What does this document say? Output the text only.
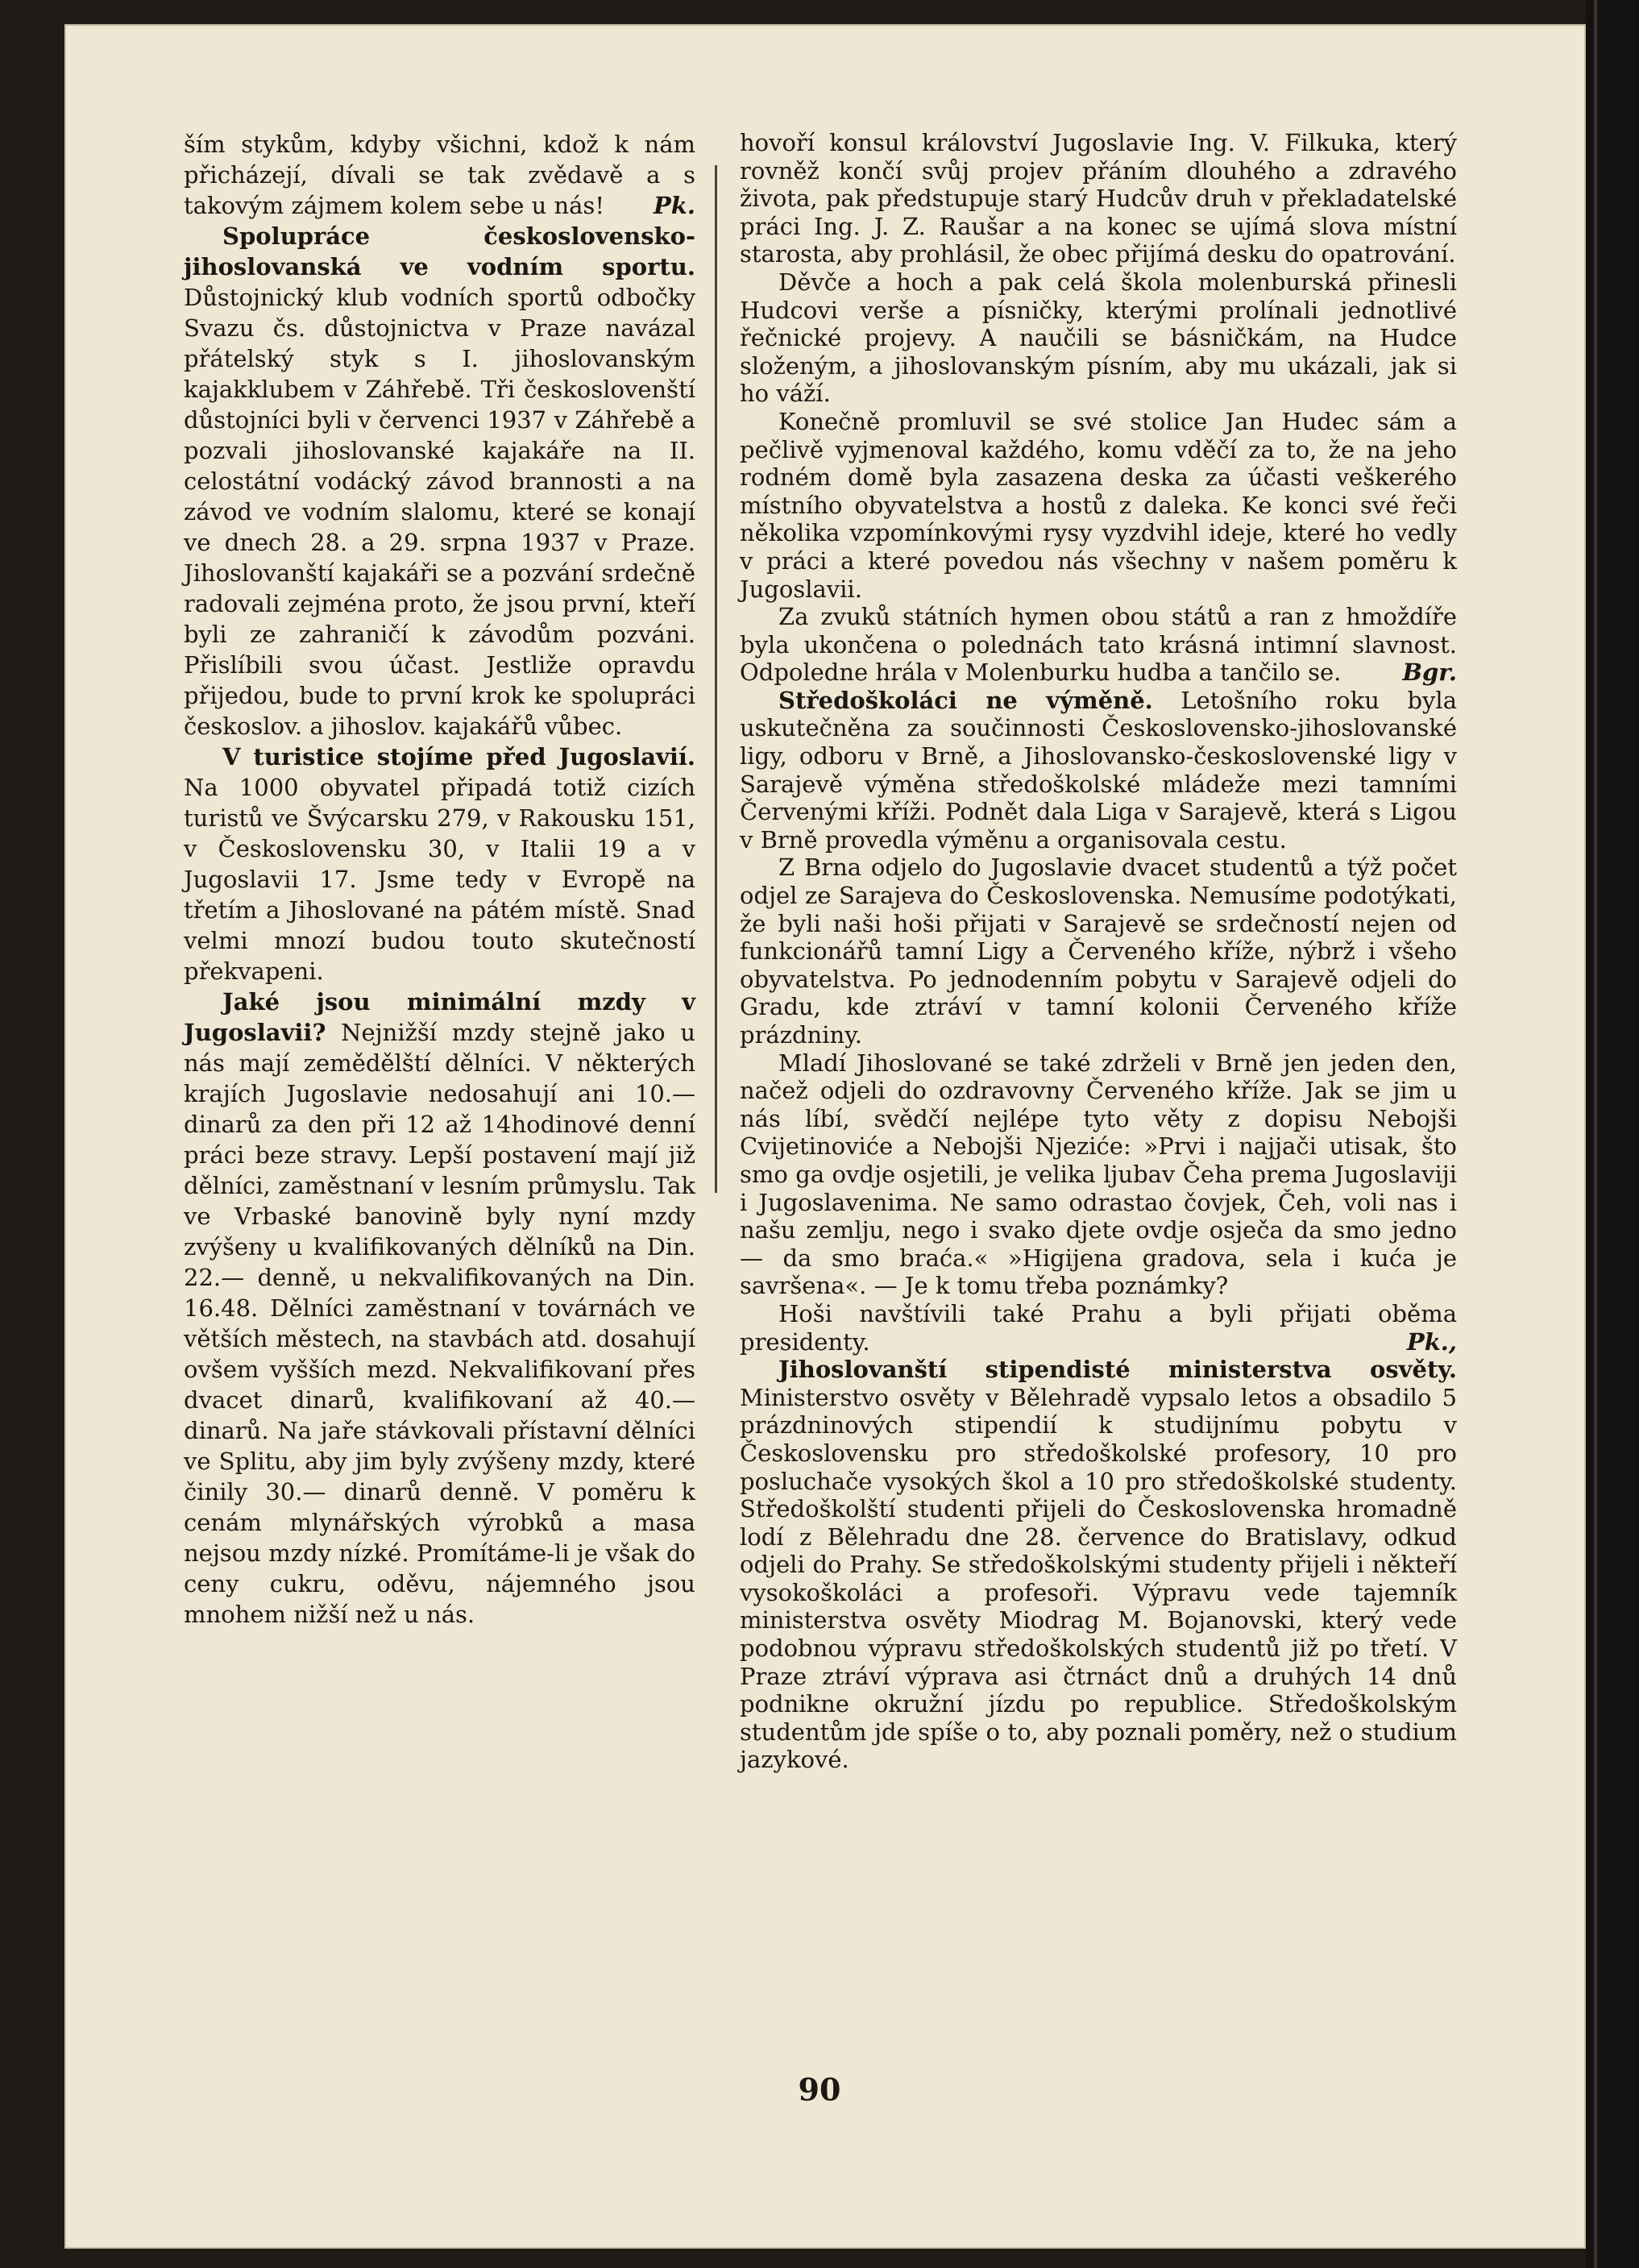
ším stykům, kdyby všichni, kdož k nám přicházejí, dívali se tak zvědavě a s takovým zájmem kolem sebe u nás! Pk.

Spolupráce československo-jihoslovanská ve vodním sportu. Důstojnický klub vodních sportů odbočky Svazu čs. důstojnictva v Praze navázal přátelský styk s I. jihoslovanským kajakklubem v Záhřebě. Tři českoslovenští důstojníci byli v červenci 1937 v Záhřebě a pozvali jihoslovanské kajakáře na II. celostátní vodácký závod brannosti a na závod ve vodním slalomu, které se konají ve dnech 28. a 29. srpna 1937 v Praze. Jihoslovanští kajakáři se a pozvání srdečně radovali zejména proto, že jsou první, kteří byli ze zahraničí k závodům pozváni. Přislíbili svou účast. Jestliže opravdu přijedou, bude to první krok ke spolupráci českoslov. a jihoslov. kajakářů vůbec.

V turistice stojíme před Jugoslavií. Na 1000 obyvatel připadá totiž cizích turistů ve Švýcarsku 279, v Rakousku 151, v Československu 30, v Italii 19 a v Jugoslavii 17. Jsme tedy v Evropě na třetím a Jihoslované na pátém místě. Snad velmi mnozí budou touto skutečností překvapeni.

Jaké jsou minimální mzdy v Jugoslavii? Nejnižší mzdy stejně jako u nás mají zemědělští dělníci. V některých krajích Jugoslavie nedosahují ani 10.— dinarů za den při 12 až 14hodinové denní práci beze stravy. Lepší postavení mají již dělníci, zaměstnaní v lesním průmyslu. Tak ve Vrbaské banovině byly nyní mzdy zvýšeny u kvalifikovaných dělníků na Din. 22.— denně, u nekvalifikovaných na Din. 16.48. Dělníci zaměstnaní v továrnách ve větších městech, na stavbách atd. dosahují ovšem vyšších mezd. Nekvalifikovaní přes dvacet dinarů, kvalifikovaní až 40.— dinarů. Na jaře stávkovali přístavní dělníci ve Splitu, aby jim byly zvýšeny mzdy, které činily 30.— dinarů denně. V poměru k cenám mlynářských výrobků a masa nejsou mzdy nízké. Promítáme-li je však do ceny cukru, oděvu, nájemného jsou mnohem nižší než u nás.

hovoří konsul království Jugoslavie Ing. V. Filkuka, který rovněž končí svůj projev přáním dlouhého a zdravého života, pak předstupuje starý Hudcův druh v překladatelské práci Ing. J. Z. Raušar a na konec se ujímá slova místní starosta, aby prohlásil, že obec přijímá desku do opatrování.

Děvče a hoch a pak celá škola molenburská přinesli Hudcovi verše a písničky, kterými prolínali jednotlivé řečnické projevy. A naučili se básničkám, na Hudce složeným, a jihoslovanským písním, aby mu ukázali, jak si ho váží.

Konečně promluvil se své stolice Jan Hudec sám a pečlivě vyjmenoval každého, komu vděčí za to, že na jeho rodném domě byla zasazena deska za účasti veškerého místního obyvatelstva a hostů z daleka. Ke konci své řeči několika vzpomínkovými rysy vyzdvihl ideje, které ho vedly v práci a které povedou nás všechny v našem poměru k Jugoslavii.

Za zvuků státních hymen obou států a ran z hmoždíře byla ukončena o polednách tato krásná intimní slavnost. Odpoledne hrála v Molenburku hudba a tančilo se.	Bgr.

Středoškoláci ne výměně. Letošního roku byla uskutečněna za součinnosti Československo-jihoslovanské ligy, odboru v Brně, a Jihoslovansko-československé ligy v Sarajevě výměna středoškolské mládeže mezi tamními Červenými kříži. Podnět dala Liga v Sarajevě, která s Ligou v Brně provedla výměnu a organisovala cestu.

Z Brna odjelo do Jugoslavie dvacet studentů a týž počet odjel ze Sarajeva do Československa. Nemusíme podotýkati, že byli naši hoši přijati v Sarajevě se srdečností nejen od funkcionářů tamní Ligy a Červeného kříže, nýbrž i všeho obyvatelstva. Po jednodenním pobytu v Sarajevě odjeli do Gradu, kde ztráví v tamní kolonii Červeného kříže prázdniny.

Mladí Jihoslované se také zdrželi v Brně jen jeden den, načež odjeli do ozdravovny Červeného kříže. Jak se jim u nás líbí, svědčí nejlépe tyto věty z dopisu Nebojši Cvijetinoviće a Nebojši Njeziće: »Prvi i najjači utisak, što smo ga ovdje osjetili, je velika ljubav Čeha prema Jugoslaviji i Jugoslavenima. Ne samo odrastao čovjek, Čeh, voli nas i našu zemlju, nego i svako djete ovdje osječa da smo jedno — da smo braća.« »Higijena gradova, sela i kuća je savršena«. — Je k tomu třeba poznámky?

Hoši navštívili také Prahu a byli přijati oběma presidenty.	Pk.,

Jihoslovanští stipendisté ministerstva osvěty. Ministerstvo osvěty v Bělehradě vypsalo letos a obsadilo 5 prázdninových stipendií k studijnímu pobytu v Československu pro středoškolské profesory, 10 pro posluchače vysokých škol a 10 pro středoškolské studenty. Středoškolští studenti přijeli do Československa hromadně lodí z Bělehradu dne 28. července do Bratislavy, odkud odjeli do Prahy. Se středoškolskými studenty přijeli i někteří vysokoškoláci a profesoři. Výpravu vede tajemník ministerstva osvěty Miodrag M. Bojanovski, který vede podobnou výpravu středoškolských studentů již po třetí. V Praze ztráví výprava asi čtrnáct dnů a druhých 14 dnů podnikne okružní jízdu po republice. Středoškolským studentům jde spíše o to, aby poznali poměry, než o studium jazykové.

90
